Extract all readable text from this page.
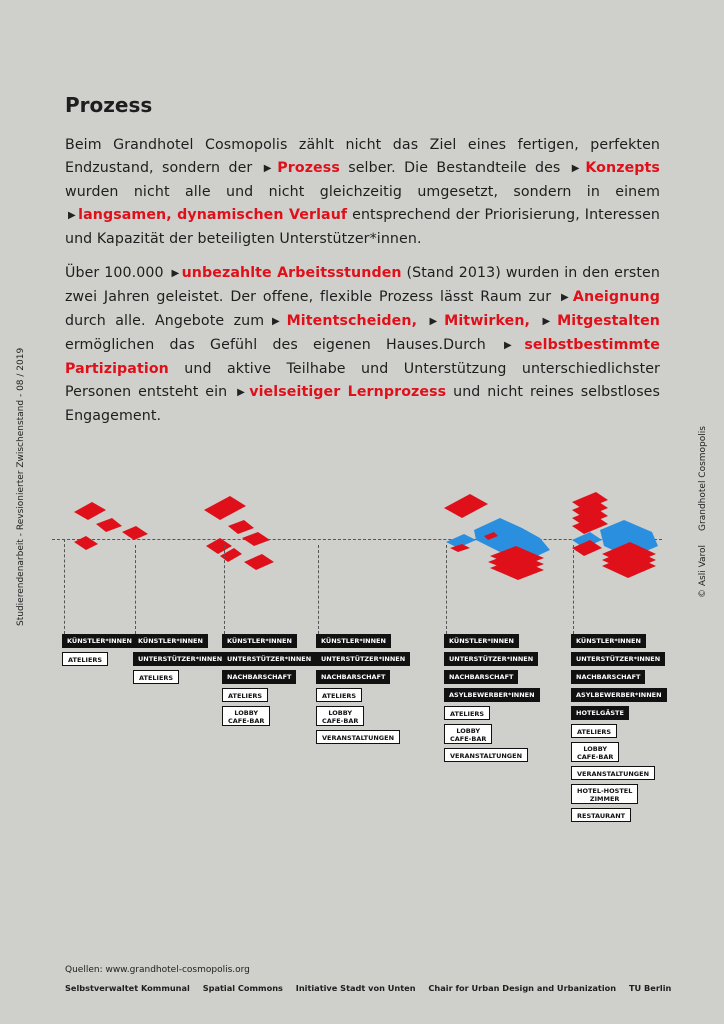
Prozess

Beim Grandhotel Cosmopolis zählt nicht das Ziel eines fertigen, perfekten Endzustand, sondern der ▶ Prozess selber. Die Bestandteile des ▶ Konzepts wurden nicht alle und nicht gleichzeitig umgesetzt, sondern in einem ▶ langsamen, dynamischen Verlauf entsprechend der Priorisierung, Interessen und Kapazität der beteiligten Unterstützer*innen.

Über 100.000 ▶ unbezahlte Arbeitsstunden (Stand 2013) wurden in den ersten zwei Jahren geleistet. Der offene, flexible Prozess lässt Raum zur ▶ Aneignung durch alle. Angebote zum ▶ Mitentscheiden, ▶ Mitwirken, ▶ Mitgestalten ermöglichen das Gefühl des eigenen Hauses.Durch ▶ selbstbestimmte Partizipation und aktive Teilhabe und Unterstützung unterschiedlichster Personen entsteht ein ▶ vielseitiger Lernprozess und nicht reines selbstloses Engagement.

Studierendenarbeit - Revsionierter Zwischenstand - 08 / 2019	© Asli VarolGrandhotel Cosmopolis
KÜNSTLER*INNEN
ATELIERS
KÜNSTLER*INNEN
UNTERSTÜTZER*INNEN
ATELIERS
KÜNSTLER*INNEN
UNTERSTÜTZER*INNEN
NACHBARSCHAFT
ATELIERS
LOBBY
CAFE-BAR
KÜNSTLER*INNEN
UNTERSTÜTZER*INNEN
NACHBARSCHAFT
ATELIERS
LOBBY
CAFE-BAR
VERANSTALTUNGEN
KÜNSTLER*INNEN
UNTERSTÜTZER*INNEN
NACHBARSCHAFT
ASYLBEWERBER*INNEN
ATELIERS
LOBBY
CAFE-BAR
VERANSTALTUNGEN
KÜNSTLER*INNEN
UNTERSTÜTZER*INNEN
NACHBARSCHAFT
ASYLBEWERBER*INNEN
HOTELGÄSTE
ATELIERS
LOBBY
CAFE-BAR
VERANSTALTUNGEN
HOTEL-HOSTEL
ZIMMER
RESTAURANT

Quellen: www.grandhotel-cosmopolis.org

Selbstverwaltet Kommunal Spatial Commons Initiative Stadt von Unten Chair for Urban Design and Urbanization TU Berlin
